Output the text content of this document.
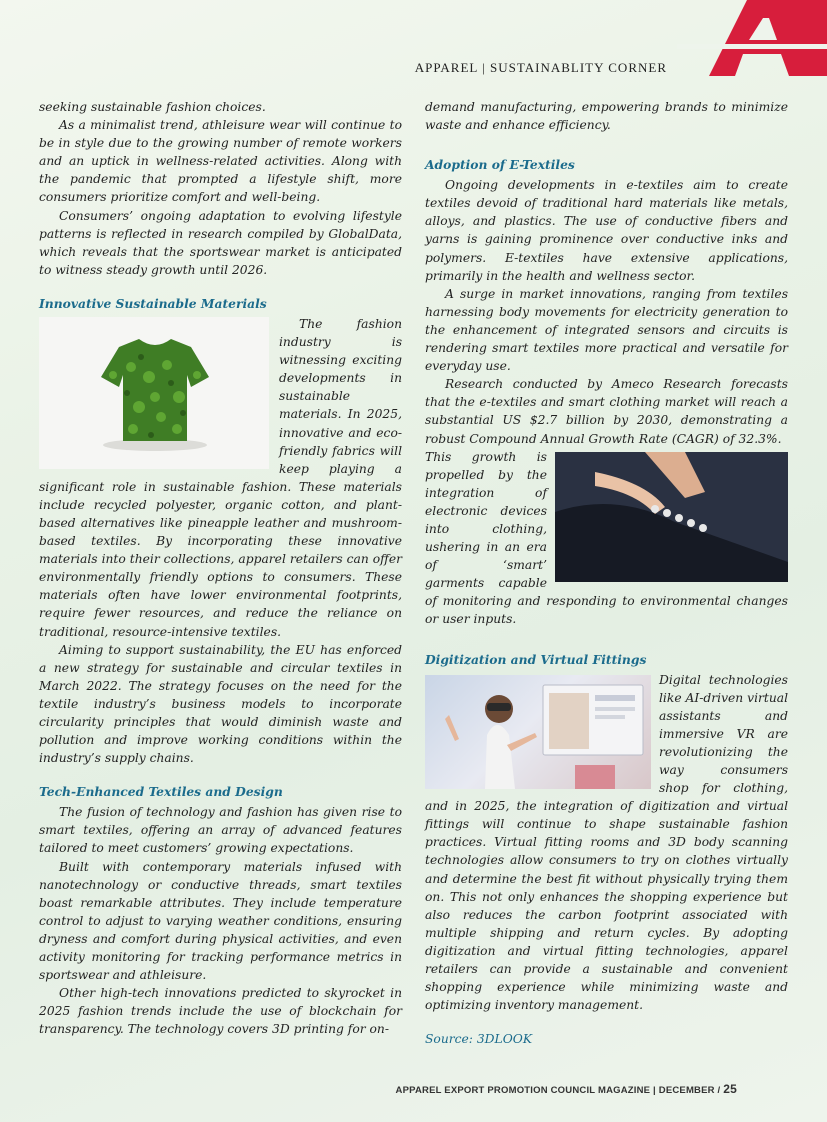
APPAREL | SUSTAINABLITY CORNER

seeking sustainable fashion choices.

As a minimalist trend, athleisure wear will continue to be in style due to the growing number of remote workers and an uptick in wellness-related activities. Along with the pandemic that prompted a lifestyle shift, more consumers prioritize comfort and well-being.

Consumers’ ongoing adaptation to evolving lifestyle patterns is reflected in research compiled by GlobalData, which reveals that the sportswear market is anticipated to witness steady growth until 2026.

Innovative Sustainable Materials

The fashion industry is witnessing exciting developments in sustainable materials. In 2025, innovative and eco-friendly fabrics will keep playing a significant role in sustainable fashion. These materials include recycled polyester, organic cotton, and plant-based alternatives like pineapple leather and mushroom-based textiles. By incorporating these innovative materials into their collections, apparel retailers can offer environmentally friendly options to consumers. These materials often have lower environmental footprints, require fewer resources, and reduce the reliance on traditional, resource-intensive textiles.

Aiming to support sustainability, the EU has enforced a new strategy for sustainable and circular textiles in March 2022. The strategy focuses on the need for the textile industry’s business models to incorporate circularity principles that would diminish waste and pollution and improve working conditions within the industry’s supply chains.

Tech-Enhanced Textiles and Design

The fusion of technology and fashion has given rise to smart textiles, offering an array of advanced features tailored to meet customers’ growing expectations.

Built with contemporary materials infused with nanotechnology or conductive threads, smart textiles boast remarkable attributes. They include temperature control to adjust to varying weather conditions, ensuring dryness and comfort during physical activities, and even activity monitoring for tracking performance metrics in sportswear and athleisure.

Other high-tech innovations predicted to skyrocket in 2025 fashion trends include the use of blockchain for transparency. The technology covers 3D printing for on-

demand manufacturing, empowering brands to minimize waste and enhance efficiency.

Adoption of E-Textiles

Ongoing developments in e-textiles aim to create textiles devoid of traditional hard materials like metals, alloys, and plastics. The use of conductive fibers and yarns is gaining prominence over conductive inks and polymers. E-textiles have extensive applications, primarily in the health and wellness sector.

A surge in market innovations, ranging from textiles harnessing body movements for electricity generation to the enhancement of integrated sensors and circuits is rendering smart textiles more practical and versatile for everyday use.

Research conducted by Ameco Research forecasts that the e-textiles and smart clothing market will reach a substantial US $2.7 billion by 2030, demonstrating a robust Compound Annual Growth Rate (CAGR) of 32.3%.

This growth is propelled by the integration of electronic devices into clothing, ushering in an era of ‘smart’ garments capable of monitoring and responding to environmental changes or user inputs.

Digitization and Virtual Fittings

Digital technologies like AI-driven virtual assistants and immersive VR are revolutionizing the way consumers shop for clothing, and in 2025, the integration of digitization and virtual fittings will continue to shape sustainable fashion practices. Virtual fitting rooms and 3D body scanning technologies allow consumers to try on clothes virtually and determine the best fit without physically trying them on. This not only enhances the shopping experience but also reduces the carbon footprint associated with multiple shipping and return cycles. By adopting digitization and virtual fitting technologies, apparel retailers can provide a sustainable and convenient shopping experience while minimizing waste and optimizing inventory management.

Source: 3DLOOK
APPAREL EXPORT PROMOTION COUNCIL MAGAZINE | DECEMBER / 25
